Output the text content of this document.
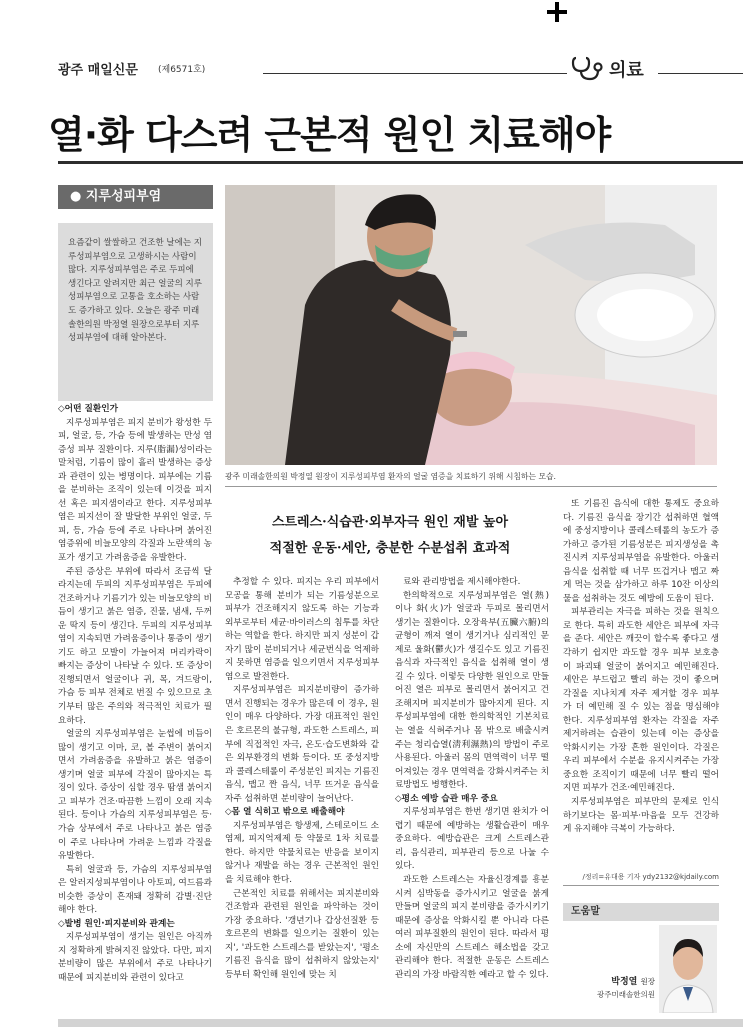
광주 매일신문 (제6571호)	의료
열·화 다스려 근본적 원인 치료해야
● 지루성피부염
요즘같이 쌀쌀하고 건조한 날에는 지루성피부염으로 고생하시는 사람이 많다. 지루성피부염은 주로 두피에 생긴다고 알려지만 최근 얼굴의 지루성피부염으로 고통을 호소하는 사람도 증가하고 있다. 오늘은 광주 미래솔한의원 박정열 원장으로부터 지루성피부염에 대해 알아본다.
광주 미래솔한의원 박정열 원장이 지루성피부염 환자의 얼굴 염증을 치료하기 위해 시침하는 모습.
스트레스·식습관·외부자극 원인 재발 높아
적절한 운동·세안, 충분한 수분섭취 효과적

◇어떤 질환인가

지루성피부염은 피지 분비가 왕성한 두피, 얼굴, 등, 가슴 등에 발생하는 만성 염증성 피부 질환이다. 지루(脂漏)성이라는 말처럼, 기름이 많이 흘러 발생하는 증상과 관련이 있는 병명이다. 피부에는 기름을 분비하는 조직이 있는데 이것을 피지선 혹은 피지샘이라고 한다. 지루성피부염은 피지선이 잘 발달한 부위인 얼굴, 두피, 등, 가슴 등에 주로 나타나며 붉어진 염증위에 비늘모양의 각질과 노란색의 농포가 생기고 가려움증을 유발한다.

주된 증상은 부위에 따라서 조금씩 달라지는데 두피의 지루성피부염은 두피에 건조하거나 기름기가 있는 비늘모양의 비듬이 생기고 붉은 염증, 진물, 냄새, 두꺼운 딱지 등이 생긴다. 두피의 지루성피부염이 지속되면 가려움증이나 통증이 생기기도 하고 모발이 가늘어져 머리카락이 빠지는 증상이 나타날 수 있다. 또 증상이 진행되면서 얼굴이나 귀, 목, 겨드랑이, 가슴 등 피부 전체로 번질 수 있으므로 초기부터 많은 주의와 적극적인 치료가 필요하다.

얼굴의 지루성피부염은 눈썹에 비듬이 많이 생기고 이마, 코, 볼 주변이 붉어지면서 가려움증을 유발하고 붉은 염증이 생기며 얼굴 피부에 각질이 많아지는 특징이 있다. 증상이 심할 경우 땀샘 붉어지고 피부가 건조·따끔한 느낌이 오래 지속된다. 등이나 가슴의 지루성피부염은 등·가슴 상부에서 주로 나타나고 붉은 염증이 주로 나타나며 가려운 느낌과 각질을 유발한다.

특히 얼굴과 등, 가슴의 지루성피부염은 알러지성피부염이나 아토피, 여드름과 비슷한 증상이 흔재돼 정확히 감별·진단해야 한다.

◇발병 원인·피지분비와 관계는

지루성피부염이 생기는 원인은 아직까지 정확하게 밝혀지진 않았다. 다만, 피지분비량이 많은 부위에서 주로 나타나기 때문에 피지분비와 관련이 있다고

추정할 수 있다. 피지는 우리 피부에서 모공을 통해 분비가 되는 기름성분으로 피부가 건조해지지 않도록 하는 기능과 외부로부터 세균·바이러스의 침투를 차단하는 역할을 한다. 하지만 피지 성분이 갑자기 많이 분비되거나 세균번식을 억제하지 못하면 염증을 일으키면서 지루성피부염으로 발전한다.

지루성피부염은 피지분비량이 증가하면서 진행되는 경우가 많은데 이 경우, 원인이 매우 다양하다. 가장 대표적인 원인은 호르몬의 불규형, 과도한 스트레스, 피부에 직접적인 자극, 온도·습도변화와 같은 외부환경의 변화 등이다. 또 중성지방과 콜레스테롤이 주성분인 피지는 기름진 음식, 맵고 짠 음식, 너무 뜨거운 음식을 자주 섭취하면 분비량이 늘어난다.

◇몸 열 식히고 밖으로 배출해야

지루성피부염은 항생제, 스테로이드 소염제, 피지억제제 등 약물로 1차 치료를 한다. 하지만 약물치료는 반응을 보이지 않거나 재발을 하는 경우 근본적인 원인을 치료해야 한다.

근본적인 치료를 위해서는 피지분비와 건조함과 관련된 원인을 파악하는 것이 가장 중요하다. '갱년기나 갑상선질환 등 호르몬의 변화를 일으키는 질환이 있는지', '과도한 스트레스를 받았는지', '평소 기름진 음식을 많이 섭취하지 않았는지' 등부터 확인해 원인에 맞는 치

료와 관리방법을 제시해야한다.

한의학적으로 지루성피부염은 열(熱)이나 화(火)가 얼굴과 두피로 몰리면서 생기는 질환이다. 오장육부(五臟六腑)의 균형이 깨져 열이 생기거나 심리적인 문제로 울화(鬱火)가 생길수도 있고 기름진 음식과 자극적인 음식을 섭취해 열이 생길 수 있다. 이렇듯 다양한 원인으로 만들어진 열은 피부로 몰리면서 붉어지고 건조해지며 피지분비가 많아지게 된다. 지루성피부염에 대한 한의학적인 기본치료는 열을 식혀주거나 몸 밖으로 배출시켜주는 청리습열(淸利濕熱)의 방법이 주로 사용된다. 아울러 몸의 면역력이 너무 떨어져있는 경우 면역력을 강화시켜주는 치료방법도 병행한다.

◇평소 예방 습관 매우 중요

지루성피부염은 한번 생기면 완치가 어렵기 때문에 예방하는 생활습관이 매우 중요하다. 예방습관은 크게 스트레스관리, 음식관리, 피부관리 등으로 나눌 수 있다.

과도한 스트레스는 자율신경계를 흥분시켜 심박동을 증가시키고 얼굴을 붉게 만들며 얼굴의 피지 분비량을 증가시키기 때문에 증상을 악화시킬 뿐 아니라 다른 여러 피부질환의 원인이 된다. 따라서 평소에 자신만의 스트레스 해소법을 갖고 관리해야 한다. 적절한 운동은 스트레스 관리의 가장 바람직한 예라고 할 수 있다.

또 기름진 음식에 대한 통제도 중요하다. 기름진 음식을 장기간 섭취하면 혈액에 중성지방이나 콜레스테롤의 농도가 증가하고 증가된 기름성분은 피지생성을 촉진시켜 지루성피부염을 유발한다. 아울러 음식을 섭취할 때 너무 뜨겁거나 맵고 짜게 먹는 것을 삼가하고 하루 10잔 이상의 물을 섭취하는 것도 예방에 도움이 된다.

피부관리는 자극을 피하는 것을 원칙으로 한다. 특히 과도한 세안은 피부에 자극을 준다. 세안은 깨끗이 할수록 좋다고 생각하기 쉽지만 과도할 경우 피부 보호층이 파괴돼 얼굴이 붉어지고 예민해진다. 세안은 부드럽고 빨리 하는 것이 좋으며 각질을 지나치게 자주 제거할 경우 피부가 더 예민해 질 수 있는 점을 명심해야 한다. 지루성피부염 환자는 각질을 자주 제거하려는 습관이 있는데 이는 증상을 악화시키는 가장 흔한 원인이다. 각질은 우리 피부에서 수분을 유지시켜주는 가장 중요한 조직이기 때문에 너무 빨리 떨어지면 피부가 건조·예민해진다.

지루성피부염은 피부만의 문제로 인식하기보다는 몸·피부·마음을 모두 건강하게 유지해야 극복이 가능하다.

/정리=유대용 기자 ydy2132@kjdaily.com
도움말
박정열 원장
광주미래솔한의원
